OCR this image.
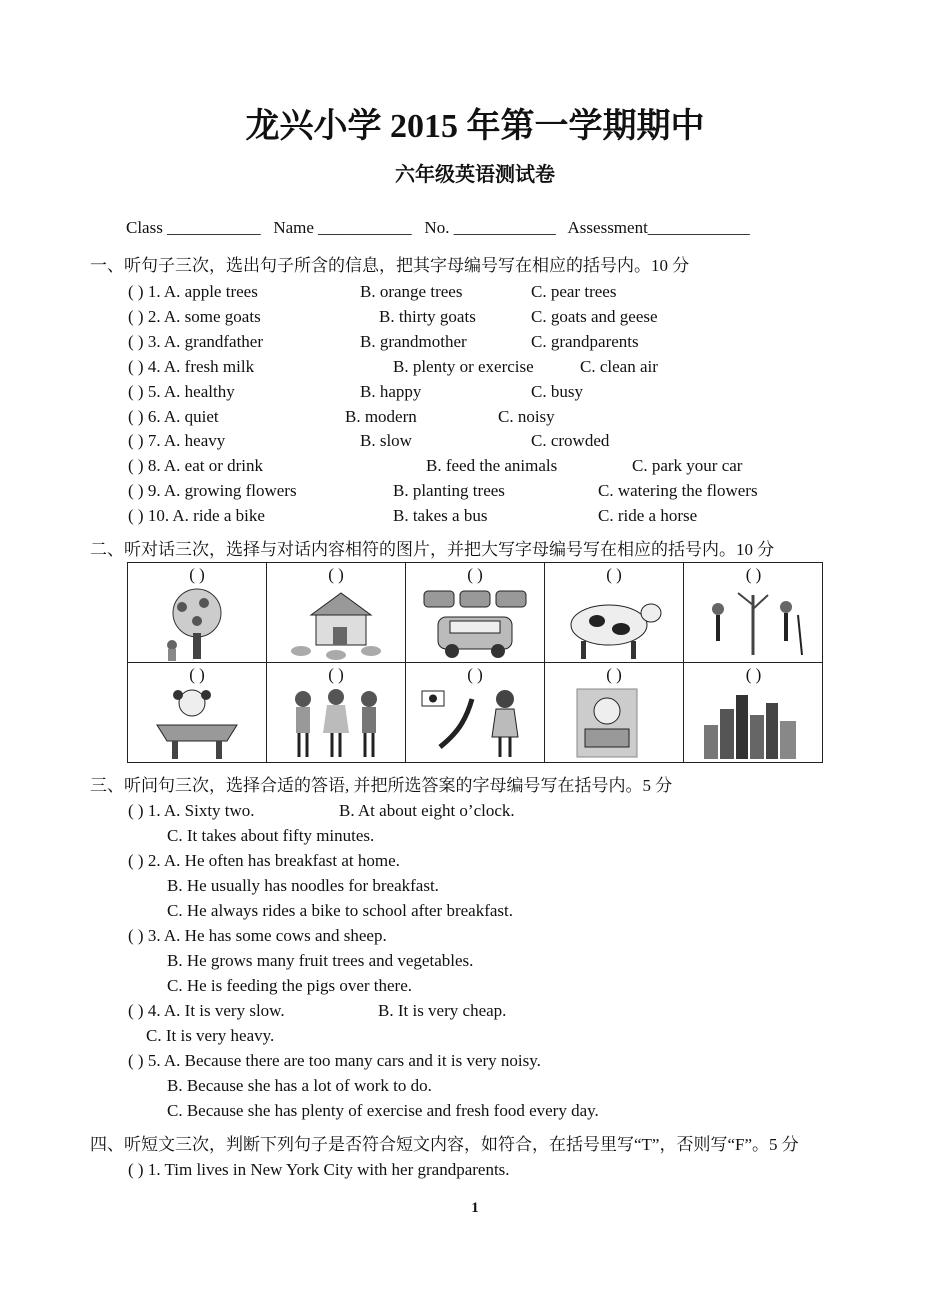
龙兴小学 2015 年第一学期期中
六年级英语测试卷
Class ___________   Name ___________   No. ____________   Assessment____________
一、听句子三次，选出句子所含的信息，把其字母编号写在相应的括号内。10 分
( ) 1. A. apple trees	B. orange trees	C. pear trees
( ) 2. A. some goats	B. thirty goats	C. goats and geese
( ) 3. A. grandfather	B. grandmother	C. grandparents
( ) 4. A. fresh milk	B. plenty or exercise	C. clean air
( ) 5. A. healthy	B. happy	C. busy
( ) 6. A. quiet	B. modern	C. noisy
( ) 7. A. heavy	B. slow	C. crowded
( ) 8. A. eat or drink	B. feed the animals	C. park your car
( ) 9. A. growing flowers	B. planting trees	C. watering the flowers
( ) 10. A. ride a bike	B. takes a bus	C. ride a horse
二、听对话三次，选择与对话内容相符的图片，并把大写字母编号写在相应的括号内。10 分
( )	( )	( )	( )	( )
( )	( )	( )	( )	( )
三、听问句三次，选择合适的答语, 并把所选答案的字母编号写在括号内。5 分
( ) 1. A. Sixty two.	B. At about eight o’clock.
C. It takes about fifty minutes.
( ) 2. A. He often has breakfast at home.
B. He usually has noodles for breakfast.
C. He always rides a bike to school after breakfast.
( ) 3. A. He has some cows and sheep.
B. He grows many fruit trees and vegetables.
C. He is feeding the pigs over there.
( ) 4. A. It is very slow.	B. It is very cheap.
C. It is very heavy.
( ) 5. A. Because there are too many cars and it is very noisy.
B. Because she has a lot of work to do.
C. Because she has plenty of exercise and fresh food every day.
四、听短文三次，判断下列句子是否符合短文内容，如符合，在括号里写“T”，否则写“F”。5 分
( ) 1. Tim lives in New York City with her grandparents.
1
